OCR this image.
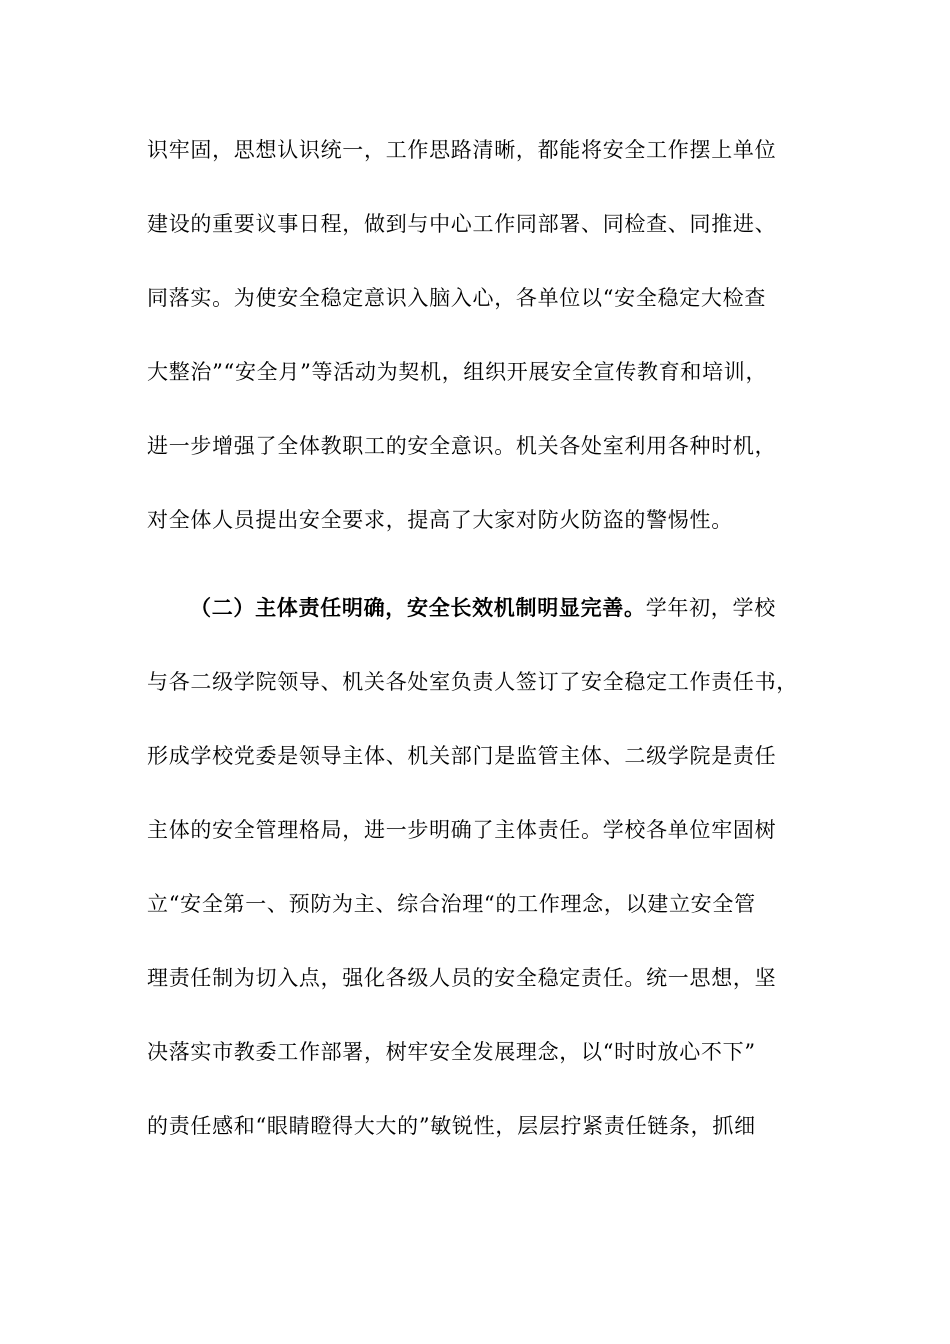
识牢固，思想认识统一，工作思路清晰，都能将安全工作摆上单位
建设的重要议事日程，做到与中心工作同部署、同检查、同推进、
同落实。为使安全稳定意识入脑入心，各单位以“安全稳定大检查
大整治”“安全月”等活动为契机，组织开展安全宣传教育和培训，
进一步增强了全体教职工的安全意识。机关各处室利用各种时机，
对全体人员提出安全要求，提高了大家对防火防盗的警惕性。
（二）主体责任明确，安全长效机制明显完善。学年初，学校
与各二级学院领导、机关各处室负责人签订了安全稳定工作责任书，
形成学校党委是领导主体、机关部门是监管主体、二级学院是责任
主体的安全管理格局，进一步明确了主体责任。学校各单位牢固树
立“安全第一、预防为主、综合治理“的工作理念，以建立安全管
理责任制为切入点，强化各级人员的安全稳定责任。统一思想，坚
决落实市教委工作部署，树牢安全发展理念，以“时时放心不下”
的责任感和“眼睛瞪得大大的”敏锐性，层层拧紧责任链条，抓细
